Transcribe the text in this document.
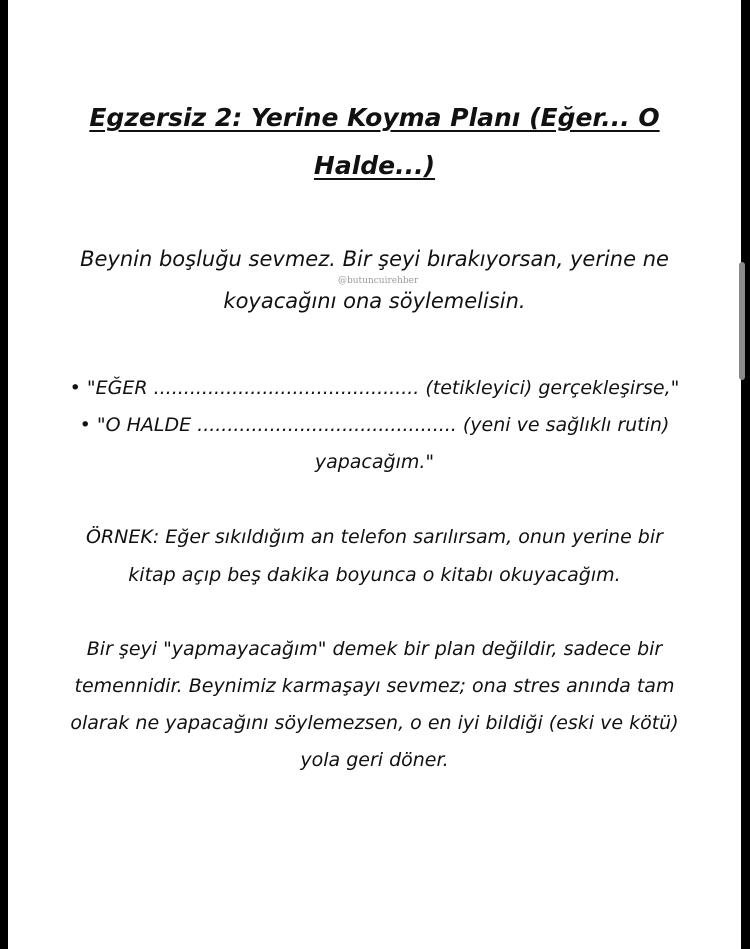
Egzersiz 2: Yerine Koyma Planı (Eğer... O
Halde...)

Beynin boşluğu sevmez. Bir şeyi bırakıyorsan, yerine ne
koyacağını ona söylemelisin.

@butuncuirehber
• "EĞER ............................................ (tetikleyici) gerçekleşirse,"
• "O HALDE ........................................... (yeni ve sağlıklı rutin)
yapacağım."

ÖRNEK: Eğer sıkıldığım an telefon sarılırsam, onun yerine bir
kitap açıp beş dakika boyunca o kitabı okuyacağım.

Bir şeyi "yapmayacağım" demek bir plan değildir, sadece bir
temennidir. Beynimiz karmaşayı sevmez; ona stres anında tam
olarak ne yapacağını söylemezsen, o en iyi bildiği (eski ve kötü)
yola geri döner.
